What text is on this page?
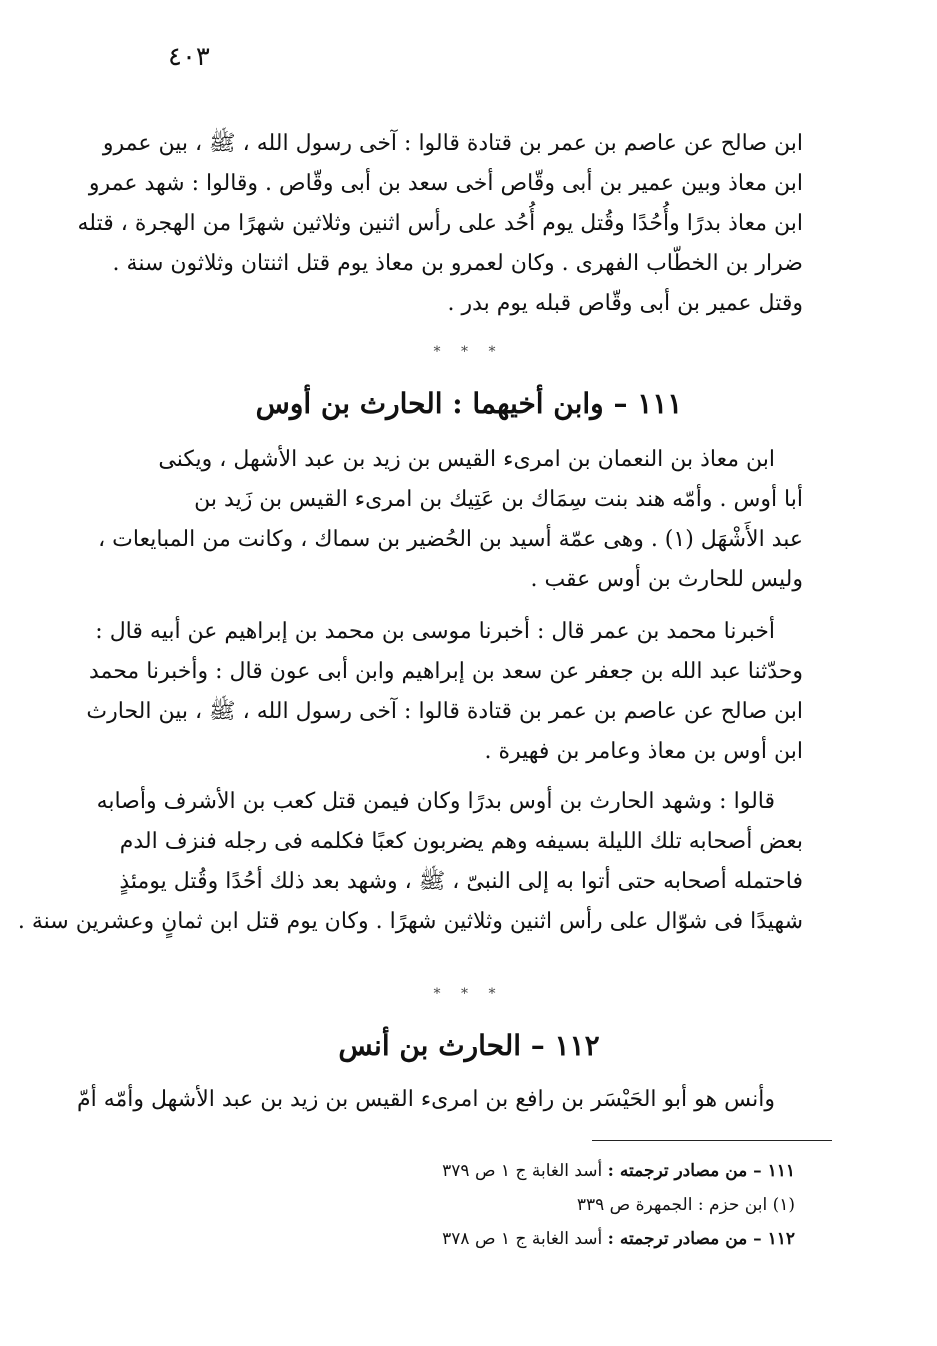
٤٠٣
ابن صالح عن عاصم بن عمر بن قتادة قالوا : آخى رسول الله ، ﷺ ، بين عمرو
ابن معاذ وبين عمير بن أبى وقّاص أخى سعد بن أبى وقّاص . وقالوا : شهد عمرو
ابن معاذ بدرًا وأُحُدًا وقُتل يوم أُحُد على رأس اثنين وثلاثين شهرًا من الهجرة ، قتله
ضرار بن الخطّاب الفهرى . وكان لعمرو بن معاذ يوم قتل اثنتان وثلاثون سنة .
وقتل عمير بن أبى وقّاص قبله يوم بدر .
* * *
١١١ – وابن أخيهما : الحارث بن أوس
ابن معاذ بن النعمان بن امرىء القيس بن زيد بن عبد الأشهل ، ويكنى
أبا أوس . وأمّه هند بنت سِمَاك بن عَتِيك بن امرىء القيس بن زَيد بن
عبد الأَشْهَل (١) . وهى عمّة أسيد بن الحُضير بن سماك ، وكانت من المبايعات ،
وليس للحارث بن أوس عقب .
أخبرنا محمد بن عمر قال : أخبرنا موسى بن محمد بن إبراهيم عن أبيه قال :
وحدّثنا عبد الله بن جعفر عن سعد بن إبراهيم وابن أبى عون قال : وأخبرنا محمد
ابن صالح عن عاصم بن عمر بن قتادة قالوا : آخى رسول الله ، ﷺ ، بين الحارث
ابن أوس بن معاذ وعامر بن فهيرة .
قالوا : وشهد الحارث بن أوس بدرًا وكان فيمن قتل كعب بن الأشرف وأصابه
بعض أصحابه تلك الليلة بسيفه وهم يضربون كعبًا فكلمه فى رجله فنزف الدم
فاحتمله أصحابه حتى أتوا به إلى النبىّ ، ﷺ ، وشهد بعد ذلك أحُدًا وقُتل يومئذٍ
شهيدًا فى شوّال على رأس اثنين وثلاثين شهرًا . وكان يوم قتل ابن ثمانٍ وعشرين سنة .
* * *
١١٢ – الحارث بن أنس
وأنس هو أبو الحَيْسَر بن رافع بن امرىء القيس بن زيد بن عبد الأشهل وأمّه أمّ
١١١ – من مصادر ترجمته : أسد الغابة ج ١ ص ٣٧٩
(١) ابن حزم : الجمهرة ص ٣٣٩
١١٢ – من مصادر ترجمته : أسد الغابة ج ١ ص ٣٧٨
